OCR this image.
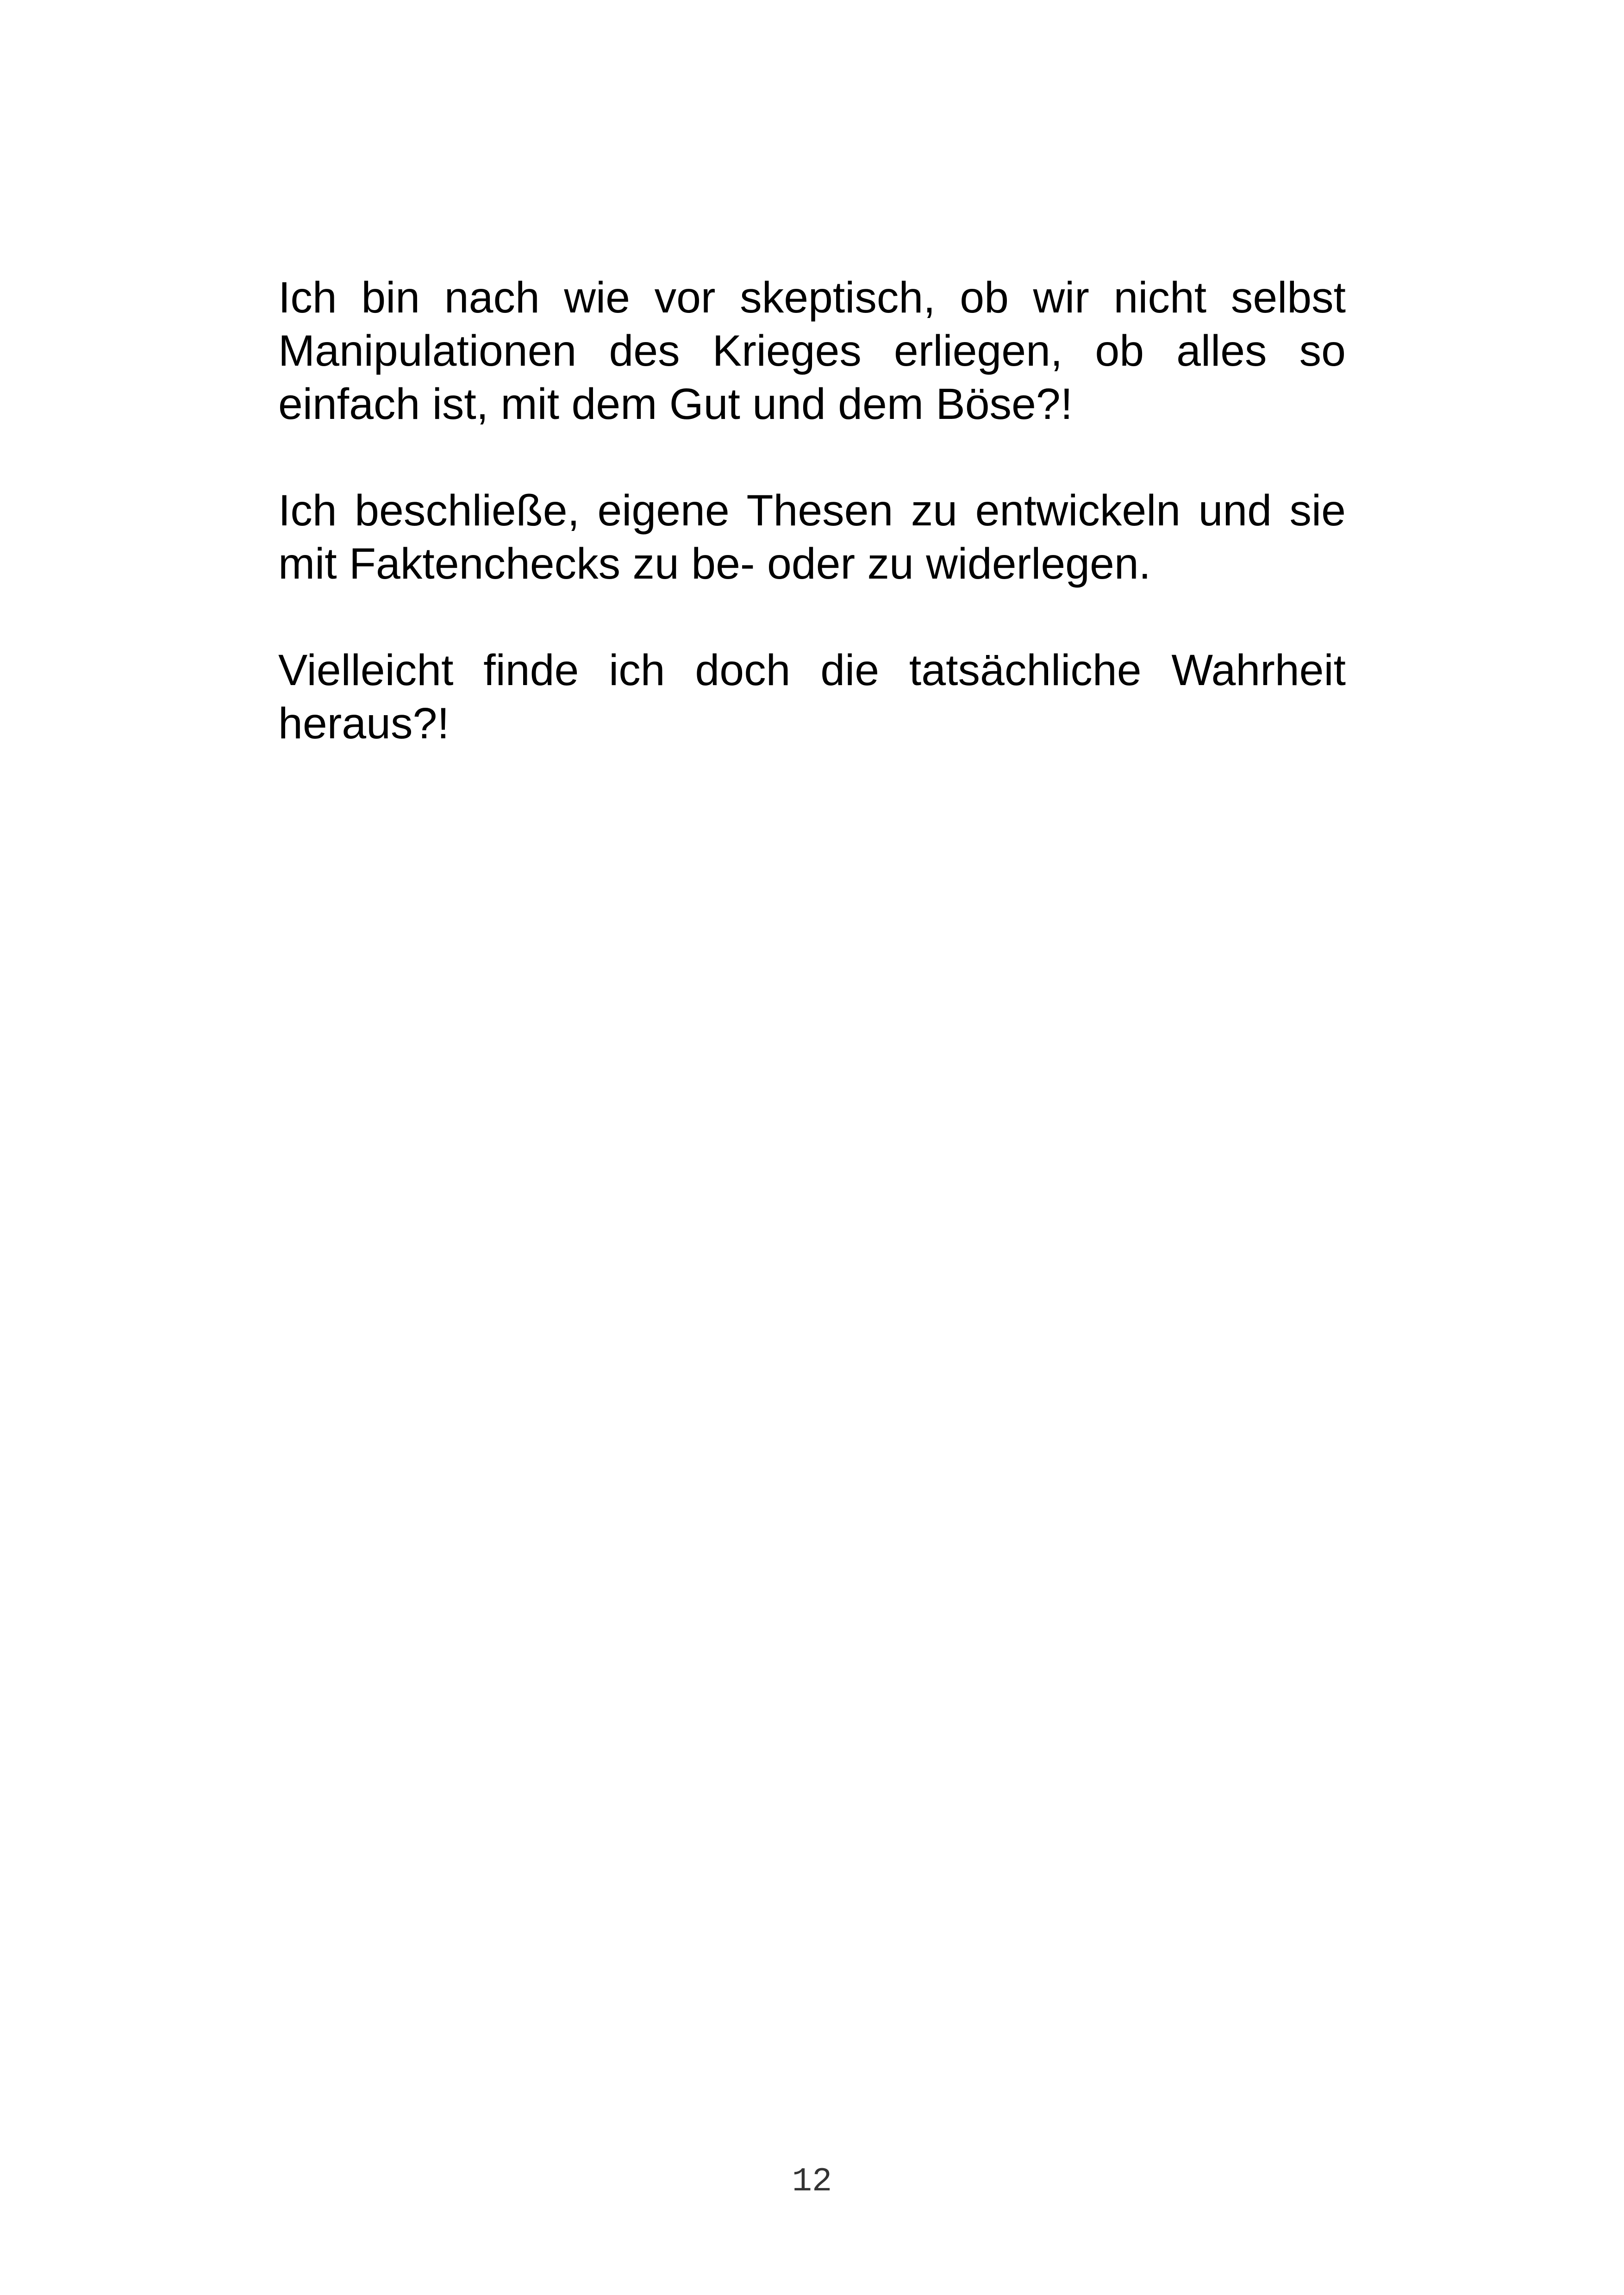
Ich bin nach wie vor skeptisch, ob wir nicht selbst Manipulationen des Krieges erliegen, ob alles so einfach ist, mit dem Gut und dem Böse?!

Ich beschließe, eigene Thesen zu entwickeln und sie  mit Faktenchecks zu be- oder zu widerlegen.

Vielleicht finde ich doch die tatsächliche Wahrheit heraus?!

12
